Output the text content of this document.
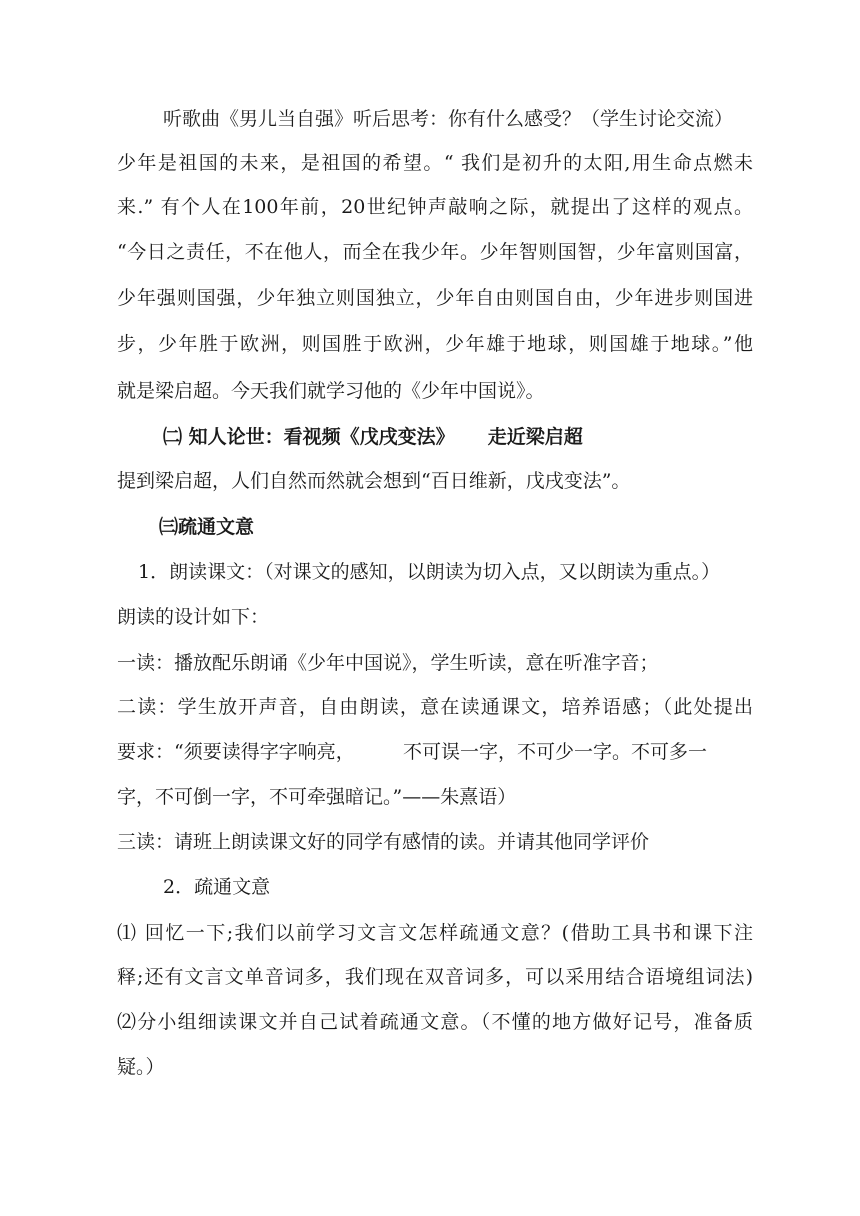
听歌曲《男儿当自强》听后思考：你有什么感受？（学生讨论交流）

少年是祖国的未来，是祖国的希望。“ 我们是初升的太阳,用生命点燃未

来.” 有个人在100年前，20世纪钟声敲响之际，就提出了这样的观点。

“今日之责任，不在他人，而全在我少年。少年智则国智，少年富则国富，

少年强则国强，少年独立则国独立，少年自由则国自由，少年进步则国进

步，少年胜于欧洲，则国胜于欧洲，少年雄于地球，则国雄于地球。”他

就是梁启超。今天我们就学习他的《少年中国说》。

㈡ 知人论世：看视频《戊戌变法》     走近梁启超

提到梁启超，人们自然而然就会想到“百日维新，戊戌变法”。

㈢疏通文意

1．朗读课文：（对课文的感知，以朗读为切入点，又以朗读为重点。）

朗读的设计如下：

一读：播放配乐朗诵《少年中国说》，学生听读，意在听准字音；

二读：学生放开声音，自由朗读，意在读通课文，培养语感；（此处提出

要求：“须要读得字字响亮，        不可误一字，不可少一字。不可多一

字，不可倒一字，不可牵强暗记。”——朱熹语）

三读：请班上朗读课文好的同学有感情的读。并请其他同学评价

2．疏通文意

⑴ 回忆一下;我们以前学习文言文怎样疏通文意？(借助工具书和课下注

释;还有文言文单音词多，我们现在双音词多，可以采用结合语境组词法)

⑵分小组细读课文并自己试着疏通文意。（不懂的地方做好记号，准备质

疑。）
